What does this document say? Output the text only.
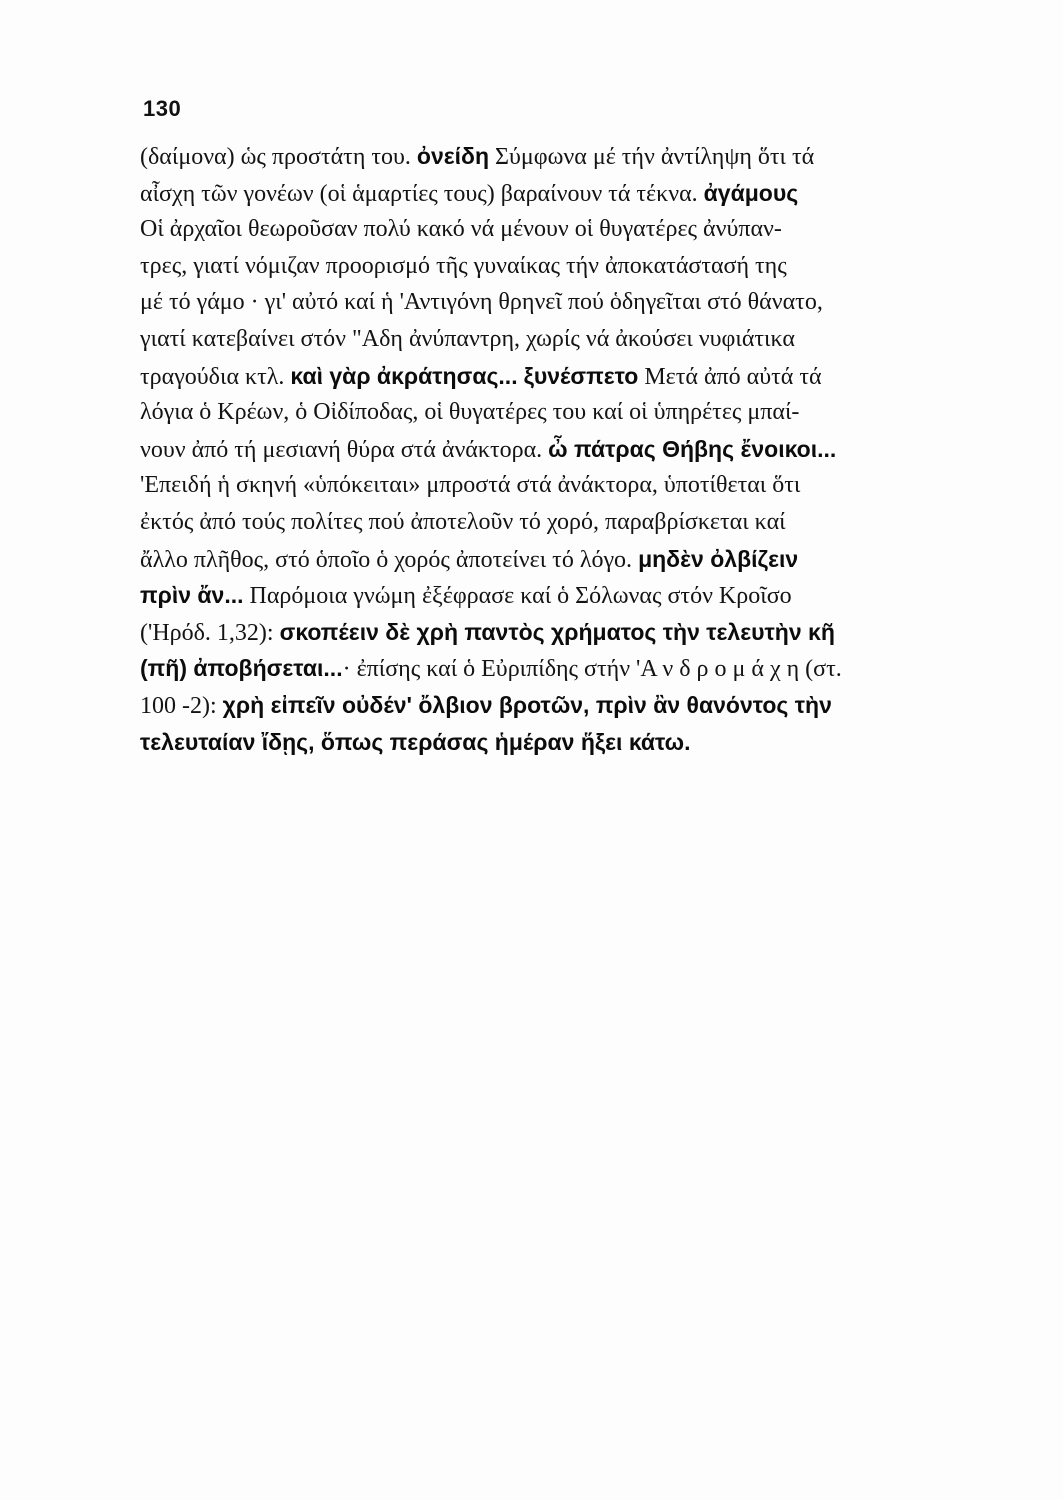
130
(δαίμονα) ὡς προστάτη του. ὀνείδη Σύμφωνα μέ τήν ἀντίληψη ὅτι τά
αἶσχη τῶν γονέων (οἱ ἁμαρτίες τους) βαραίνουν τά τέκνα. ἀγάμους
Οἱ ἀρχαῖοι θεωροῦσαν πολύ κακό νά μένουν οἱ θυγατέρες ἀνύπαν-
τρες, γιατί νόμιζαν προορισμό τῆς γυναίκας τήν ἀποκατάστασή της
μέ τό γάμο · γι' αὐτό καί ἡ 'Αντιγόνη θρηνεῖ πού ὁδηγεῖται στό θάνατο,
γιατί κατεβαίνει στόν "Αδη ἀνύπαντρη, χωρίς νά ἀκούσει νυφιάτικα
τραγούδια κτλ. καὶ γὰρ ἀκράτησας... ξυνέσπετο Μετά ἀπό αὐτά τά
λόγια ὁ Κρέων, ὁ Οἰδίποδας, οἱ θυγατέρες του καί οἱ ὑπηρέτες μπαί-
νουν ἀπό τή μεσιανή θύρα στά ἀνάκτορα. ὦ πάτρας Θήβης ἔνοικοι...
'Επειδή ἡ σκηνή «ὑπόκειται» μπροστά στά ἀνάκτορα, ὑποτίθεται ὅτι
ἐκτός ἀπό τούς πολίτες πού ἀποτελοῦν τό χορό, παραβρίσκεται καί
ἄλλο πλῆθος, στό ὁποῖο ὁ χορός ἀποτείνει τό λόγο. μηδὲν ὀλβίζειν
πρὶν ἄν... Παρόμοια γνώμη ἐξέφρασε καί ὁ Σόλωνας στόν Κροῖσο
('Ηρόδ. 1,32): σκοπέειν δὲ χρὴ παντὸς χρήματος τὴν τελευτὴν κῆ
(πῆ) ἀποβήσεται...· ἐπίσης καί ὁ Εὐριπίδης στήν 'Α ν δ ρ ο μ ά χ η (στ.
100 -2): χρὴ εἰπεῖν οὐδέν' ὄλβιον βροτῶν, πρὶν ἂν θανόντος τὴν
τελευταίαν ἴδῃς, ὅπως περάσας ἡμέραν ἥξει κάτω.
